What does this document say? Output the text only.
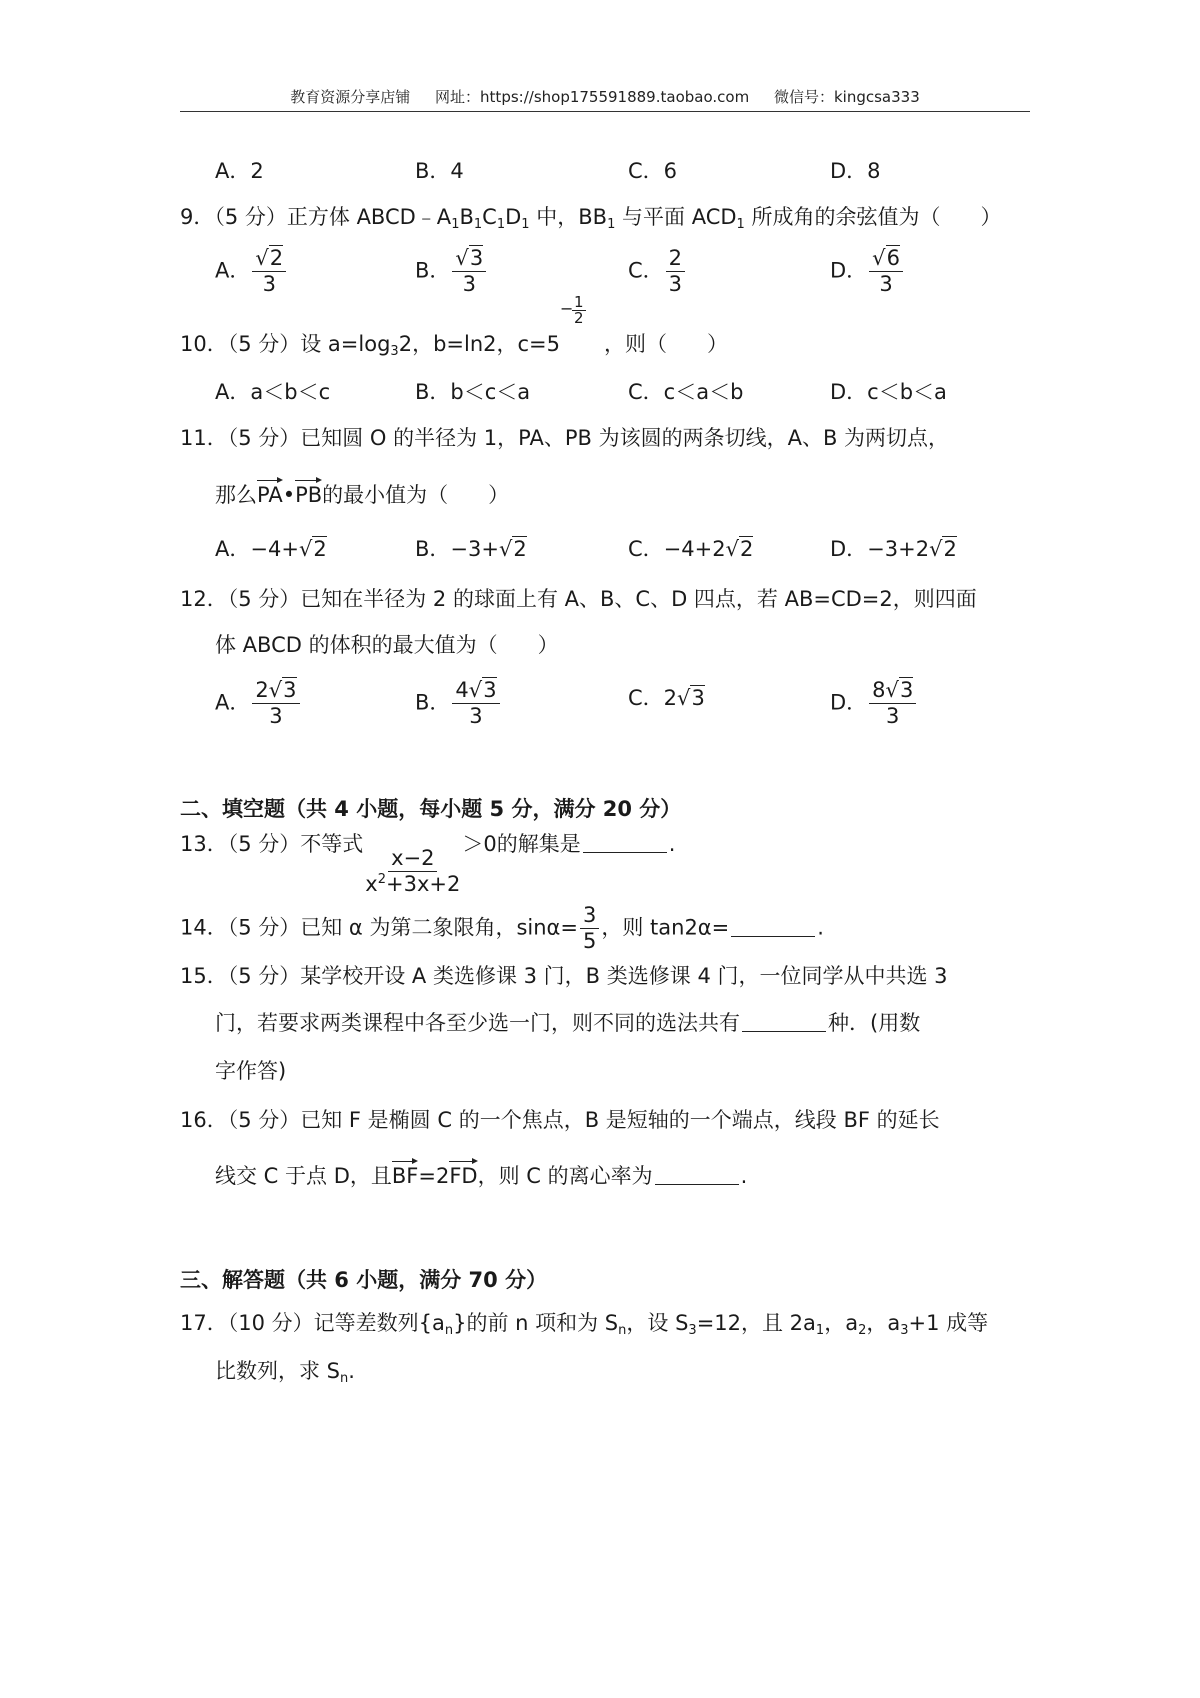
教育资源分享店铺 网址：https://shop175591889.taobao.com 微信号：kingcsa333
A．2	B．4	C．6	D．8
9．（5 分）正方体 $ABCD﹣A_1B_1C_1D_1$ 中，$BB_1$ 与平面 $ACD_1$ 所成角的余弦值为（ ）
A． $\frac{√2}{3}$	B． $\frac{√3}{3}$	C． $\frac{2}{3}$	D． $\frac{√6}{3}$
10．（5 分）设 $a=\log_32$，b=ln2，c=5
− 1
2
，则（ ）
A．a＜b＜c	B．b＜c＜a	C．c＜a＜b	D．c＜b＜a
11．（5 分）已知圆 O 的半径为 1，PA、PB 为该圆的两条切线，A、B 为两切点，
那么PA•PB的最小值为（ ）
A．−4+√2	B．−3+√2	C．−4+2√2	D．−3+2√2
12．（5 分）已知在半径为 2 的球面上有 A、B、C、D 四点，若 AB=CD=2，则四面
体 ABCD 的体积的最大值为（ ）
A． $\frac{2√3}{3}$	B． $\frac{4√3}{3}$	C．2√3	D． $\frac{8√3}{3}$
二、填空题（共 4 小题，每小题 5 分，满分 20 分）
13．（5 分）不等式
$\frac{x-2}{x^2+3x+2}$
＞0的解集是	.
14．（5 分）已知 α 为第二象限角，$\sin\alpha= \frac{3}{5}$ ，则 tan2α=	.
15．（5 分）某学校开设 A 类选修课 3 门，B 类选修课 4 门，一位同学从中共选 3
门，若要求两类课程中各至少选一门，则不同的选法共有	种．(用数
字作答)
16．（5 分）已知 F 是椭圆 C 的一个焦点，B 是短轴的一个端点，线段 BF 的延长
线交 C 于点 D，且BF=2FD，则 C 的离心率为	.
三、解答题（共 6 小题，满分 70 分）
17．（10 分）记等差数列$\{a_n\}$的前 n 项和为 $S_n$，设 $S_3=12$，且 $2a_1$，$a_2$，$a_3+1$ 成等
比数列，求 $S_n$.
